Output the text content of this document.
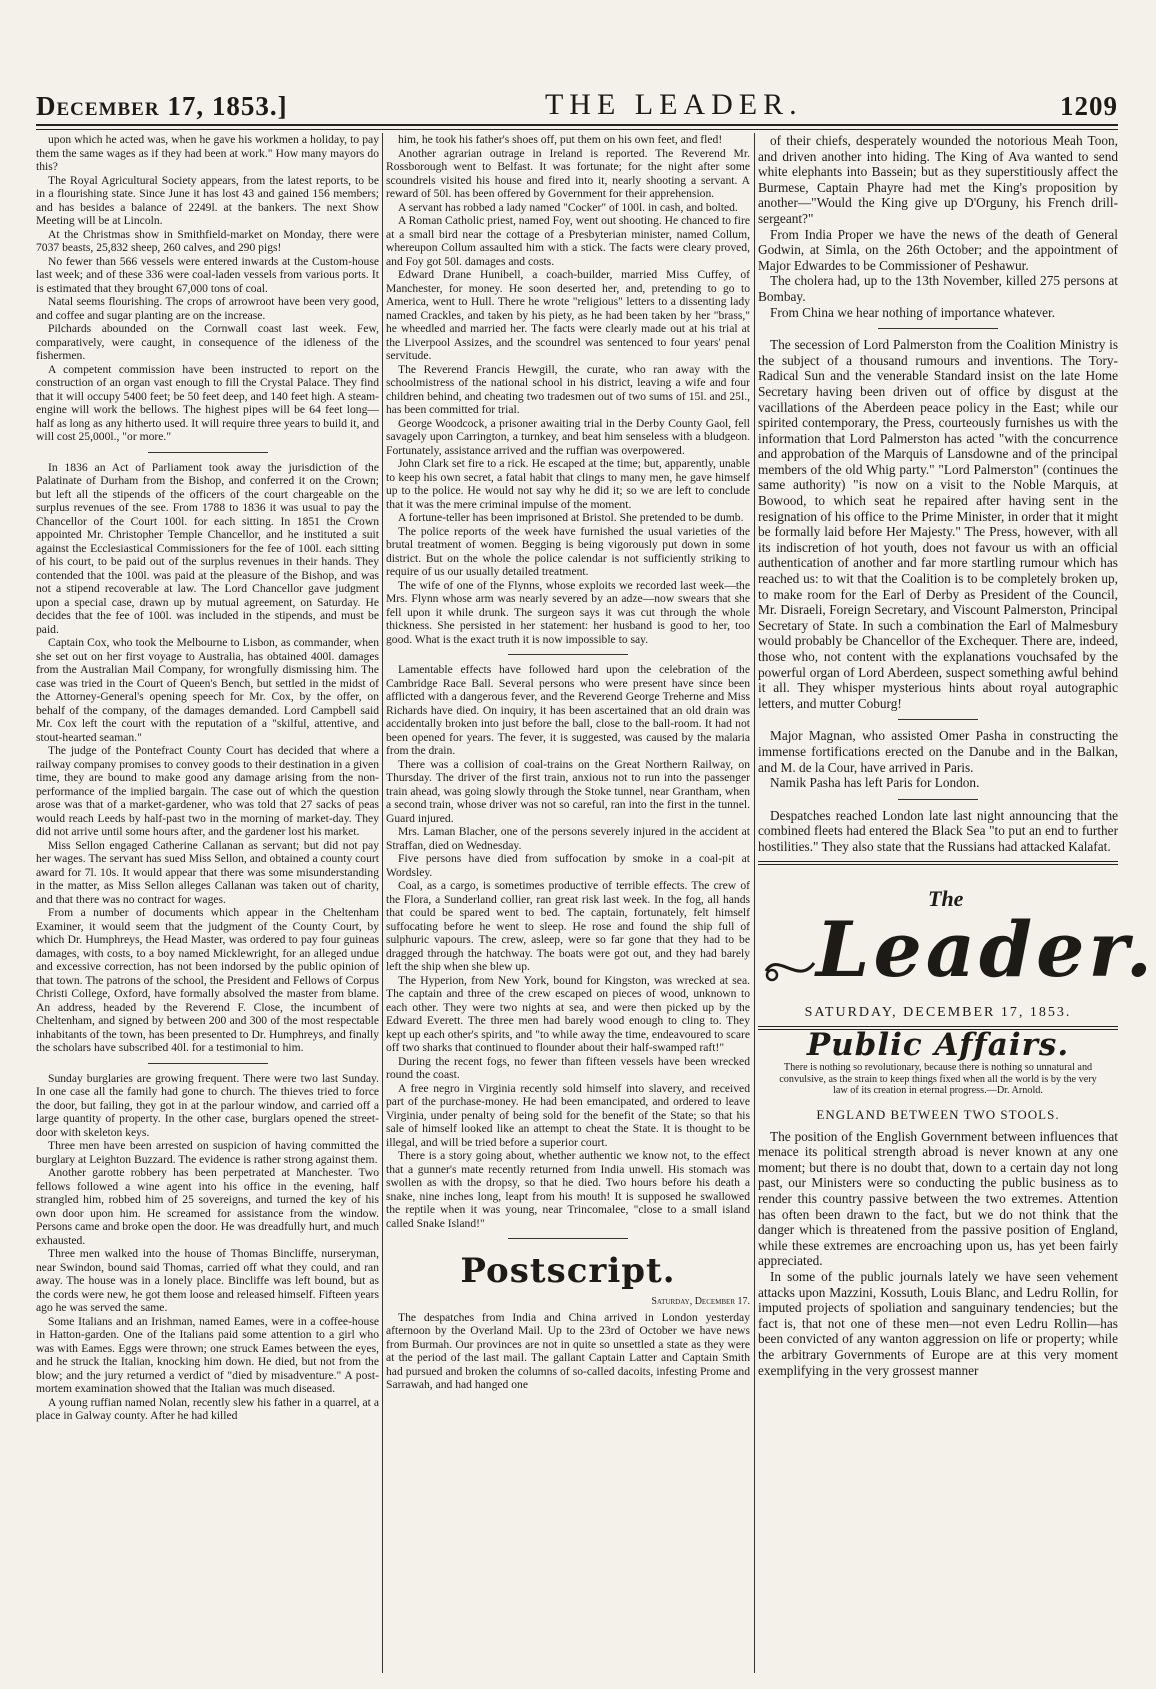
December 17, 1853.]	THE LEADER.	1209

upon which he acted was, when he gave his workmen a holiday, to pay them the same wages as if they had been at work." How many mayors do this?

The Royal Agricultural Society appears, from the latest reports, to be in a flourishing state. Since June it has lost 43 and gained 156 members; and has besides a balance of 2249l. at the bankers. The next Show Meeting will be at Lincoln.

At the Christmas show in Smithfield-market on Monday, there were 7037 beasts, 25,832 sheep, 260 calves, and 290 pigs!

No fewer than 566 vessels were entered inwards at the Custom-house last week; and of these 336 were coal-laden vessels from various ports. It is estimated that they brought 67,000 tons of coal.

Natal seems flourishing. The crops of arrowroot have been very good, and coffee and sugar planting are on the increase.

Pilchards abounded on the Cornwall coast last week. Few, comparatively, were caught, in consequence of the idleness of the fishermen.

A competent commission have been instructed to report on the construction of an organ vast enough to fill the Crystal Palace. They find that it will occupy 5400 feet; be 50 feet deep, and 140 feet high. A steam-engine will work the bellows. The highest pipes will be 64 feet long—half as long as any hitherto used. It will require three years to build it, and will cost 25,000l., "or more."

In 1836 an Act of Parliament took away the jurisdiction of the Palatinate of Durham from the Bishop, and conferred it on the Crown; but left all the stipends of the officers of the court chargeable on the surplus revenues of the see. From 1788 to 1836 it was usual to pay the Chancellor of the Court 100l. for each sitting. In 1851 the Crown appointed Mr. Christopher Temple Chancellor, and he instituted a suit against the Ecclesiastical Commissioners for the fee of 100l. each sitting of his court, to be paid out of the surplus revenues in their hands. They contended that the 100l. was paid at the pleasure of the Bishop, and was not a stipend recoverable at law. The Lord Chancellor gave judgment upon a special case, drawn up by mutual agreement, on Saturday. He decides that the fee of 100l. was included in the stipends, and must be paid.

Captain Cox, who took the Melbourne to Lisbon, as commander, when she set out on her first voyage to Australia, has obtained 400l. damages from the Australian Mail Company, for wrongfully dismissing him. The case was tried in the Court of Queen's Bench, but settled in the midst of the Attorney-General's opening speech for Mr. Cox, by the offer, on behalf of the company, of the damages demanded. Lord Campbell said Mr. Cox left the court with the reputation of a "skilful, attentive, and stout-hearted seaman."

The judge of the Pontefract County Court has decided that where a railway company promises to convey goods to their destination in a given time, they are bound to make good any damage arising from the non-performance of the implied bargain. The case out of which the question arose was that of a market-gardener, who was told that 27 sacks of peas would reach Leeds by half-past two in the morning of market-day. They did not arrive until some hours after, and the gardener lost his market.

Miss Sellon engaged Catherine Callanan as servant; but did not pay her wages. The servant has sued Miss Sellon, and obtained a county court award for 7l. 10s. It would appear that there was some misunderstanding in the matter, as Miss Sellon alleges Callanan was taken out of charity, and that there was no contract for wages.

From a number of documents which appear in the Cheltenham Examiner, it would seem that the judgment of the County Court, by which Dr. Humphreys, the Head Master, was ordered to pay four guineas damages, with costs, to a boy named Micklewright, for an alleged undue and excessive correction, has not been indorsed by the public opinion of that town. The patrons of the school, the President and Fellows of Corpus Christi College, Oxford, have formally absolved the master from blame. An address, headed by the Reverend F. Close, the incumbent of Cheltenham, and signed by between 200 and 300 of the most respectable inhabitants of the town, has been presented to Dr. Humphreys, and finally the scholars have subscribed 40l. for a testimonial to him.

Sunday burglaries are growing frequent. There were two last Sunday. In one case all the family had gone to church. The thieves tried to force the door, but failing, they got in at the parlour window, and carried off a large quantity of property. In the other case, burglars opened the street-door with skeleton keys.

Three men have been arrested on suspicion of having committed the burglary at Leighton Buzzard. The evidence is rather strong against them.

Another garotte robbery has been perpetrated at Manchester. Two fellows followed a wine agent into his office in the evening, half strangled him, robbed him of 25 sovereigns, and turned the key of his own door upon him. He screamed for assistance from the window. Persons came and broke open the door. He was dreadfully hurt, and much exhausted.

Three men walked into the house of Thomas Bincliffe, nurseryman, near Swindon, bound said Thomas, carried off what they could, and ran away. The house was in a lonely place. Bincliffe was left bound, but as the cords were new, he got them loose and released himself. Fifteen years ago he was served the same.

Some Italians and an Irishman, named Eames, were in a coffee-house in Hatton-garden. One of the Italians paid some attention to a girl who was with Eames. Eggs were thrown; one struck Eames between the eyes, and he struck the Italian, knocking him down. He died, but not from the blow; and the jury returned a verdict of "died by misadventure." A post-mortem examination showed that the Italian was much diseased.

A young ruffian named Nolan, recently slew his father in a quarrel, at a place in Galway county. After he had killed

him, he took his father's shoes off, put them on his own feet, and fled!

Another agrarian outrage in Ireland is reported. The Reverend Mr. Rossborough went to Belfast. It was fortunate; for the night after some scoundrels visited his house and fired into it, nearly shooting a servant. A reward of 50l. has been offered by Government for their apprehension.

A servant has robbed a lady named "Cocker" of 100l. in cash, and bolted.

A Roman Catholic priest, named Foy, went out shooting. He chanced to fire at a small bird near the cottage of a Presbyterian minister, named Collum, whereupon Collum assaulted him with a stick. The facts were cleary proved, and Foy got 50l. damages and costs.

Edward Drane Hunibell, a coach-builder, married Miss Cuffey, of Manchester, for money. He soon deserted her, and, pretending to go to America, went to Hull. There he wrote "religious" letters to a dissenting lady named Crackles, and taken by his piety, as he had been taken by her "brass," he wheedled and married her. The facts were clearly made out at his trial at the Liverpool Assizes, and the scoundrel was sentenced to four years' penal servitude.

The Reverend Francis Hewgill, the curate, who ran away with the schoolmistress of the national school in his district, leaving a wife and four children behind, and cheating two tradesmen out of two sums of 15l. and 25l., has been committed for trial.

George Woodcock, a prisoner awaiting trial in the Derby County Gaol, fell savagely upon Carrington, a turnkey, and beat him senseless with a bludgeon. Fortunately, assistance arrived and the ruffian was overpowered.

John Clark set fire to a rick. He escaped at the time; but, apparently, unable to keep his own secret, a fatal habit that clings to many men, he gave himself up to the police. He would not say why he did it; so we are left to conclude that it was the mere criminal impulse of the moment.

A fortune-teller has been imprisoned at Bristol. She pretended to be dumb.

The police reports of the week have furnished the usual varieties of the brutal treatment of women. Begging is being vigorously put down in some district. But on the whole the police calendar is not sufficiently striking to require of us our usually detailed treatment.

The wife of one of the Flynns, whose exploits we recorded last week—the Mrs. Flynn whose arm was nearly severed by an adze—now swears that she fell upon it while drunk. The surgeon says it was cut through the whole thickness. She persisted in her statement: her husband is good to her, too good. What is the exact truth it is now impossible to say.

Lamentable effects have followed hard upon the celebration of the Cambridge Race Ball. Several persons who were present have since been afflicted with a dangerous fever, and the Reverend George Treherne and Miss Richards have died. On inquiry, it has been ascertained that an old drain was accidentally broken into just before the ball, close to the ball-room. It had not been opened for years. The fever, it is suggested, was caused by the malaria from the drain.

There was a collision of coal-trains on the Great Northern Railway, on Thursday. The driver of the first train, anxious not to run into the passenger train ahead, was going slowly through the Stoke tunnel, near Grantham, when a second train, whose driver was not so careful, ran into the first in the tunnel. Guard injured.

Mrs. Laman Blacher, one of the persons severely injured in the accident at Straffan, died on Wednesday.

Five persons have died from suffocation by smoke in a coal-pit at Wordsley.

Coal, as a cargo, is sometimes productive of terrible effects. The crew of the Flora, a Sunderland collier, ran great risk last week. In the fog, all hands that could be spared went to bed. The captain, fortunately, felt himself suffocating before he went to sleep. He rose and found the ship full of sulphuric vapours. The crew, asleep, were so far gone that they had to be dragged through the hatchway. The boats were got out, and they had barely left the ship when she blew up.

The Hyperion, from New York, bound for Kingston, was wrecked at sea. The captain and three of the crew escaped on pieces of wood, unknown to each other. They were two nights at sea, and were then picked up by the Edward Everett. The three men had barely wood enough to cling to. They kept up each other's spirits, and "to while away the time, endeavoured to scare off two sharks that continued to flounder about their half-swamped raft!"

During the recent fogs, no fewer than fifteen vessels have been wrecked round the coast.

A free negro in Virginia recently sold himself into slavery, and received part of the purchase-money. He had been emancipated, and ordered to leave Virginia, under penalty of being sold for the benefit of the State; so that his sale of himself looked like an attempt to cheat the State. It is thought to be illegal, and will be tried before a superior court.

There is a story going about, whether authentic we know not, to the effect that a gunner's mate recently returned from India unwell. His stomach was swollen as with the dropsy, so that he died. Two hours before his death a snake, nine inches long, leapt from his mouth! It is supposed he swallowed the reptile when it was young, near Trincomalee, "close to a small island called Snake Island!"

Postscript.
Saturday, December 17.

The despatches from India and China arrived in London yesterday afternoon by the Overland Mail. Up to the 23rd of October we have news from Burmah. Our provinces are not in quite so unsettled a state as they were at the period of the last mail. The gallant Captain Latter and Captain Smith had pursued and broken the columns of so-called dacoits, infesting Prome and Sarrawah, and had hanged one

of their chiefs, desperately wounded the notorious Meah Toon, and driven another into hiding. The King of Ava wanted to send white elephants into Bassein; but as they superstitiously affect the Burmese, Captain Phayre had met the King's proposition by another—"Would the King give up D'Orguny, his French drill-sergeant?"

From India Proper we have the news of the death of General Godwin, at Simla, on the 26th October; and the appointment of Major Edwardes to be Commissioner of Peshawur.

The cholera had, up to the 13th November, killed 275 persons at Bombay.

From China we hear nothing of importance whatever.

The secession of Lord Palmerston from the Coalition Ministry is the subject of a thousand rumours and inventions. The Tory-Radical Sun and the venerable Standard insist on the late Home Secretary having been driven out of office by disgust at the vacillations of the Aberdeen peace policy in the East; while our spirited contemporary, the Press, courteously furnishes us with the information that Lord Palmerston has acted "with the concurrence and approbation of the Marquis of Lansdowne and of the principal members of the old Whig party." "Lord Palmerston" (continues the same authority) "is now on a visit to the Noble Marquis, at Bowood, to which seat he repaired after having sent in the resignation of his office to the Prime Minister, in order that it might be formally laid before Her Majesty." The Press, however, with all its indiscretion of hot youth, does not favour us with an official authentication of another and far more startling rumour which has reached us: to wit that the Coalition is to be completely broken up, to make room for the Earl of Derby as President of the Council, Mr. Disraeli, Foreign Secretary, and Viscount Palmerston, Principal Secretary of State. In such a combination the Earl of Malmesbury would probably be Chancellor of the Exchequer. There are, indeed, those who, not content with the explanations vouchsafed by the powerful organ of Lord Aberdeen, suspect something awful behind it all. They whisper mysterious hints about royal autographic letters, and mutter Coburg!

Major Magnan, who assisted Omer Pasha in constructing the immense fortifications erected on the Danube and in the Balkan, and M. de la Cour, have arrived in Paris.

Namik Pasha has left Paris for London.

Despatches reached London late last night announcing that the combined fleets had entered the Black Sea "to put an end to further hostilities." They also state that the Russians had attacked Kalafat.

The
Leader.
SATURDAY, DECEMBER 17, 1853.
Public Affairs.
There is nothing so revolutionary, because there is nothing so unnatural and convulsive, as the strain to keep things fixed when all the world is by the very law of its creation in eternal progress.—Dr. Arnold.
ENGLAND BETWEEN TWO STOOLS.

The position of the English Government between influences that menace its political strength abroad is never known at any one moment; but there is no doubt that, down to a certain day not long past, our Ministers were so conducting the public business as to render this country passive between the two extremes. Attention has often been drawn to the fact, but we do not think that the danger which is threatened from the passive position of England, while these extremes are encroaching upon us, has yet been fairly appreciated.

In some of the public journals lately we have seen vehement attacks upon Mazzini, Kossuth, Louis Blanc, and Ledru Rollin, for imputed projects of spoliation and sanguinary tendencies; but the fact is, that not one of these men—not even Ledru Rollin—has been convicted of any wanton aggression on life or property; while the arbitrary Governments of Europe are at this very moment exemplifying in the very grossest manner
